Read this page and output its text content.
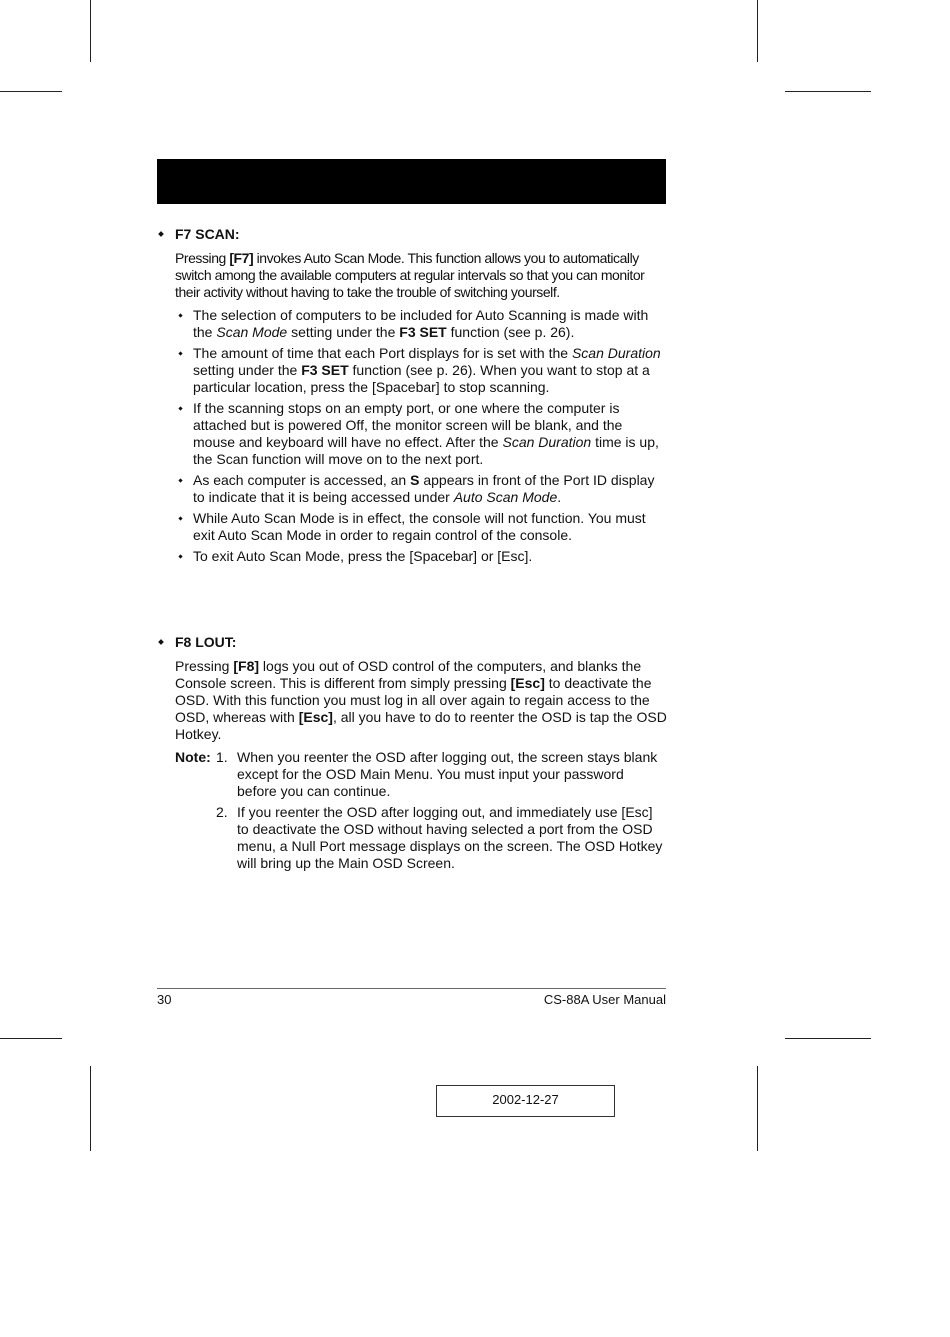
F7 SCAN:

Pressing [F7] invokes Auto Scan Mode. This function allows you to automatically switch among the available computers at regular intervals so that you can monitor their activity without having to take the trouble of switching yourself.

The selection of computers to be included for Auto Scanning is made with the Scan Mode setting under the F3 SET function (see p. 26).
The amount of time that each Port displays for is set with the Scan Duration setting under the F3 SET function (see p. 26). When you want to stop at a particular location, press the [Spacebar] to stop scanning.
If the scanning stops on an empty port, or one where the computer is attached but is powered Off, the monitor screen will be blank, and the mouse and keyboard will have no effect. After the Scan Duration time is up, the Scan function will move on to the next port.
As each computer is accessed, an S appears in front of the Port ID display to indicate that it is being accessed under Auto Scan Mode.
While Auto Scan Mode is in effect, the console will not function. You must exit Auto Scan Mode in order to regain control of the console.
To exit Auto Scan Mode, press the [Spacebar] or [Esc].
F8 LOUT:

Pressing [F8] logs you out of OSD control of the computers, and blanks the Console screen. This is different from simply pressing [Esc] to deactivate the OSD. With this function you must log in all over again to regain access to the OSD, whereas with [Esc], all you have to do to reenter the OSD is tap the OSD Hotkey.

Note: 1. When you reenter the OSD after logging out, the screen stays blank except for the OSD Main Menu. You must input your password before you can continue.
2. If you reenter the OSD after logging out, and immediately use [Esc] to deactivate the OSD without having selected a port from the OSD menu, a Null Port message displays on the screen. The OSD Hotkey will bring up the Main OSD Screen.
30	CS-88A User Manual
2002-12-27
